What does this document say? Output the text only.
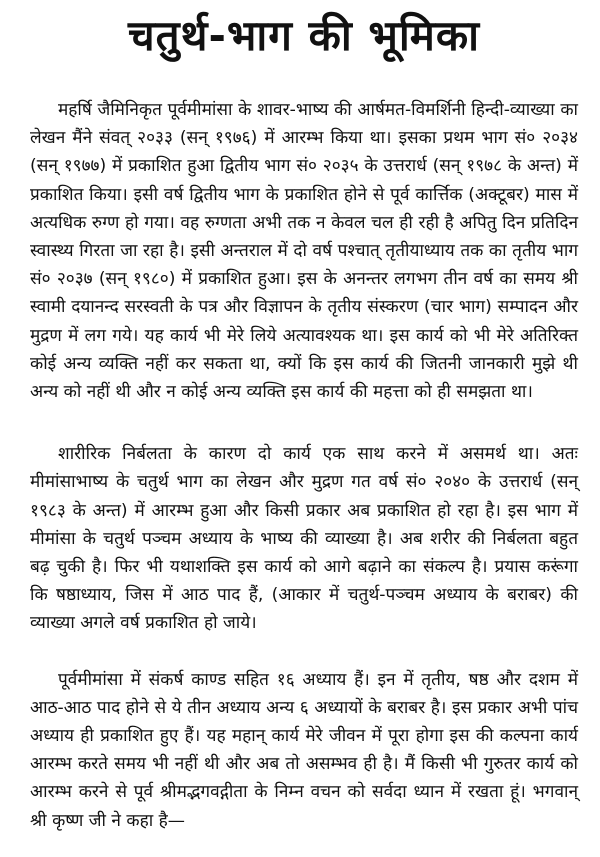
चतुर्थ-भाग की भूमिका

महर्षि जैमिनिकृत पूर्वमीमांसा के शावर-भाष्य की आर्षमत-विमर्शिनी हिन्दी-व्याख्या का लेखन मैंने संवत् २०३३ (सन् १९७६) में आरम्भ किया था। इसका प्रथम भाग सं० २०३४ (सन् १९७७) में प्रकाशित हुआ द्वितीय भाग सं० २०३५ के उत्तरार्ध (सन् १९७८ के अन्त) में प्रकाशित किया। इसी वर्ष द्वितीय भाग के प्रकाशित होने से पूर्व कार्त्तिक (अक्टूबर) मास में अत्यधिक रुग्ण हो गया। वह रुग्णता अभी तक न केवल चल ही रही है अपितु दिन प्रतिदिन स्वास्थ्य गिरता जा रहा है। इसी अन्तराल में दो वर्ष पश्चात् तृतीयाध्याय तक का तृतीय भाग सं० २०३७ (सन् १९८०) में प्रकाशित हुआ। इस के अनन्तर लगभग तीन वर्ष का समय श्री स्वामी दयानन्द सरस्वती के पत्र और विज्ञापन के तृतीय संस्करण (चार भाग) सम्पादन और मुद्रण में लग गये। यह कार्य भी मेरे लिये अत्यावश्यक था। इस कार्य को भी मेरे अतिरिक्त कोई अन्य व्यक्ति नहीं कर सकता था, क्यों कि इस कार्य की जितनी जानकारी मुझे थी अन्य को नहीं थी और न कोई अन्य व्यक्ति इस कार्य की महत्ता को ही समझता था।

शारीरिक निर्बलता के कारण दो कार्य एक साथ करने में असमर्थ था। अतः मीमांसाभाष्य के चतुर्थ भाग का लेखन और मुद्रण गत वर्ष सं० २०४० के उत्तरार्ध (सन् १९८३ के अन्त) में आरम्भ हुआ और किसी प्रकार अब प्रकाशित हो रहा है। इस भाग में मीमांसा के चतुर्थ पञ्चम अध्याय के भाष्य की व्याख्या है। अब शरीर की निर्बलता बहुत बढ़ चुकी है। फिर भी यथाशक्ति इस कार्य को आगे बढ़ाने का संकल्प है। प्रयास करूंगा कि षष्ठाध्याय, जिस में आठ पाद हैं, (आकार में चतुर्थ-पञ्चम अध्याय के बराबर) की व्याख्या अगले वर्ष प्रकाशित हो जाये।

पूर्वमीमांसा में संकर्ष काण्ड सहित १६ अध्याय हैं। इन में तृतीय, षष्ठ और दशम में आठ-आठ पाद होने से ये तीन अध्याय अन्य ६ अध्यायों के बराबर है। इस प्रकार अभी पांच अध्याय ही प्रकाशित हुए हैं। यह महान् कार्य मेरे जीवन में पूरा होगा इस की कल्पना कार्य आरम्भ करते समय भी नहीं थी और अब तो असम्भव ही है। मैं किसी भी गुरुतर कार्य को आरम्भ करने से पूर्व श्रीमद्भगवद्गीता के निम्न वचन को सर्वदा ध्यान में रखता हूं। भगवान् श्री कृष्ण जी ने कहा है—
